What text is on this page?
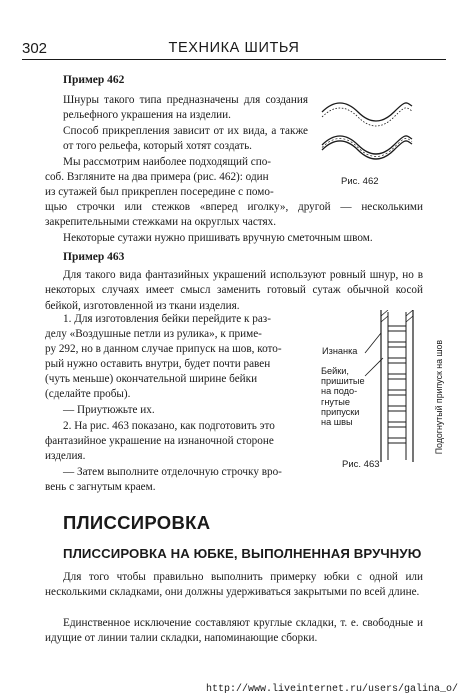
302	ТЕХНИКА ШИТЬЯ
Пример 462
Шнуры такого типа предназначены для создания рельефного украшения на изделии.
Способ прикрепления зависит от их вида, а также от того рельефа, который хотят создать.
Мы рассмотрим наиболее подходящий спо-
соб. Взгляните на два примера (рис. 462): один
из сутажей был прикреплен посередине с помо-
щью строчки или стежков «вперед иголку», другой — несколькими закрепительными стежками на округлых частях.
Некоторые сутажи нужно пришивать вручную сметочным швом.
Рис. 462
Пример 463
Для такого вида фантазийных украшений используют ровный шнур, но в некоторых случаях имеет смысл заменить готовый сутаж обычной косой бейкой, изготовленной из ткани изделия.
1. Для изготовления бейки перейдите к раз-
делу «Воздушные петли из рулика», к приме-
ру 292, но в данном случае припуск на шов, кото-
рый нужно оставить внутри, будет почти равен
(чуть меньше) окончательной ширине бейки
(сделайте пробы).
— Приутюжьте их.
2. На рис. 463 показано, как подготовить это
фантазийное украшение на изнаночной стороне
изделия.
— Затем выполните отделочную строчку вро-
вень с загнутым краем.
Изнанка
Бейки,
пришитые
на подо-
гнутые
припуски
на швы	Подогнутый припуск на шов
Рис. 463
ПЛИССИРОВКА
ПЛИССИРОВКА НА ЮБКЕ, ВЫПОЛНЕННАЯ ВРУЧНУЮ
Для того чтобы правильно выполнить примерку юбки с одной или несколькими складками, они должны удерживаться закрытыми по всей длине.
Единственное исключение составляют круглые складки, т. е. свободные и идущие от линии талии складки, напоминающие сборки.
http://www.liveinternet.ru/users/galina_o/
